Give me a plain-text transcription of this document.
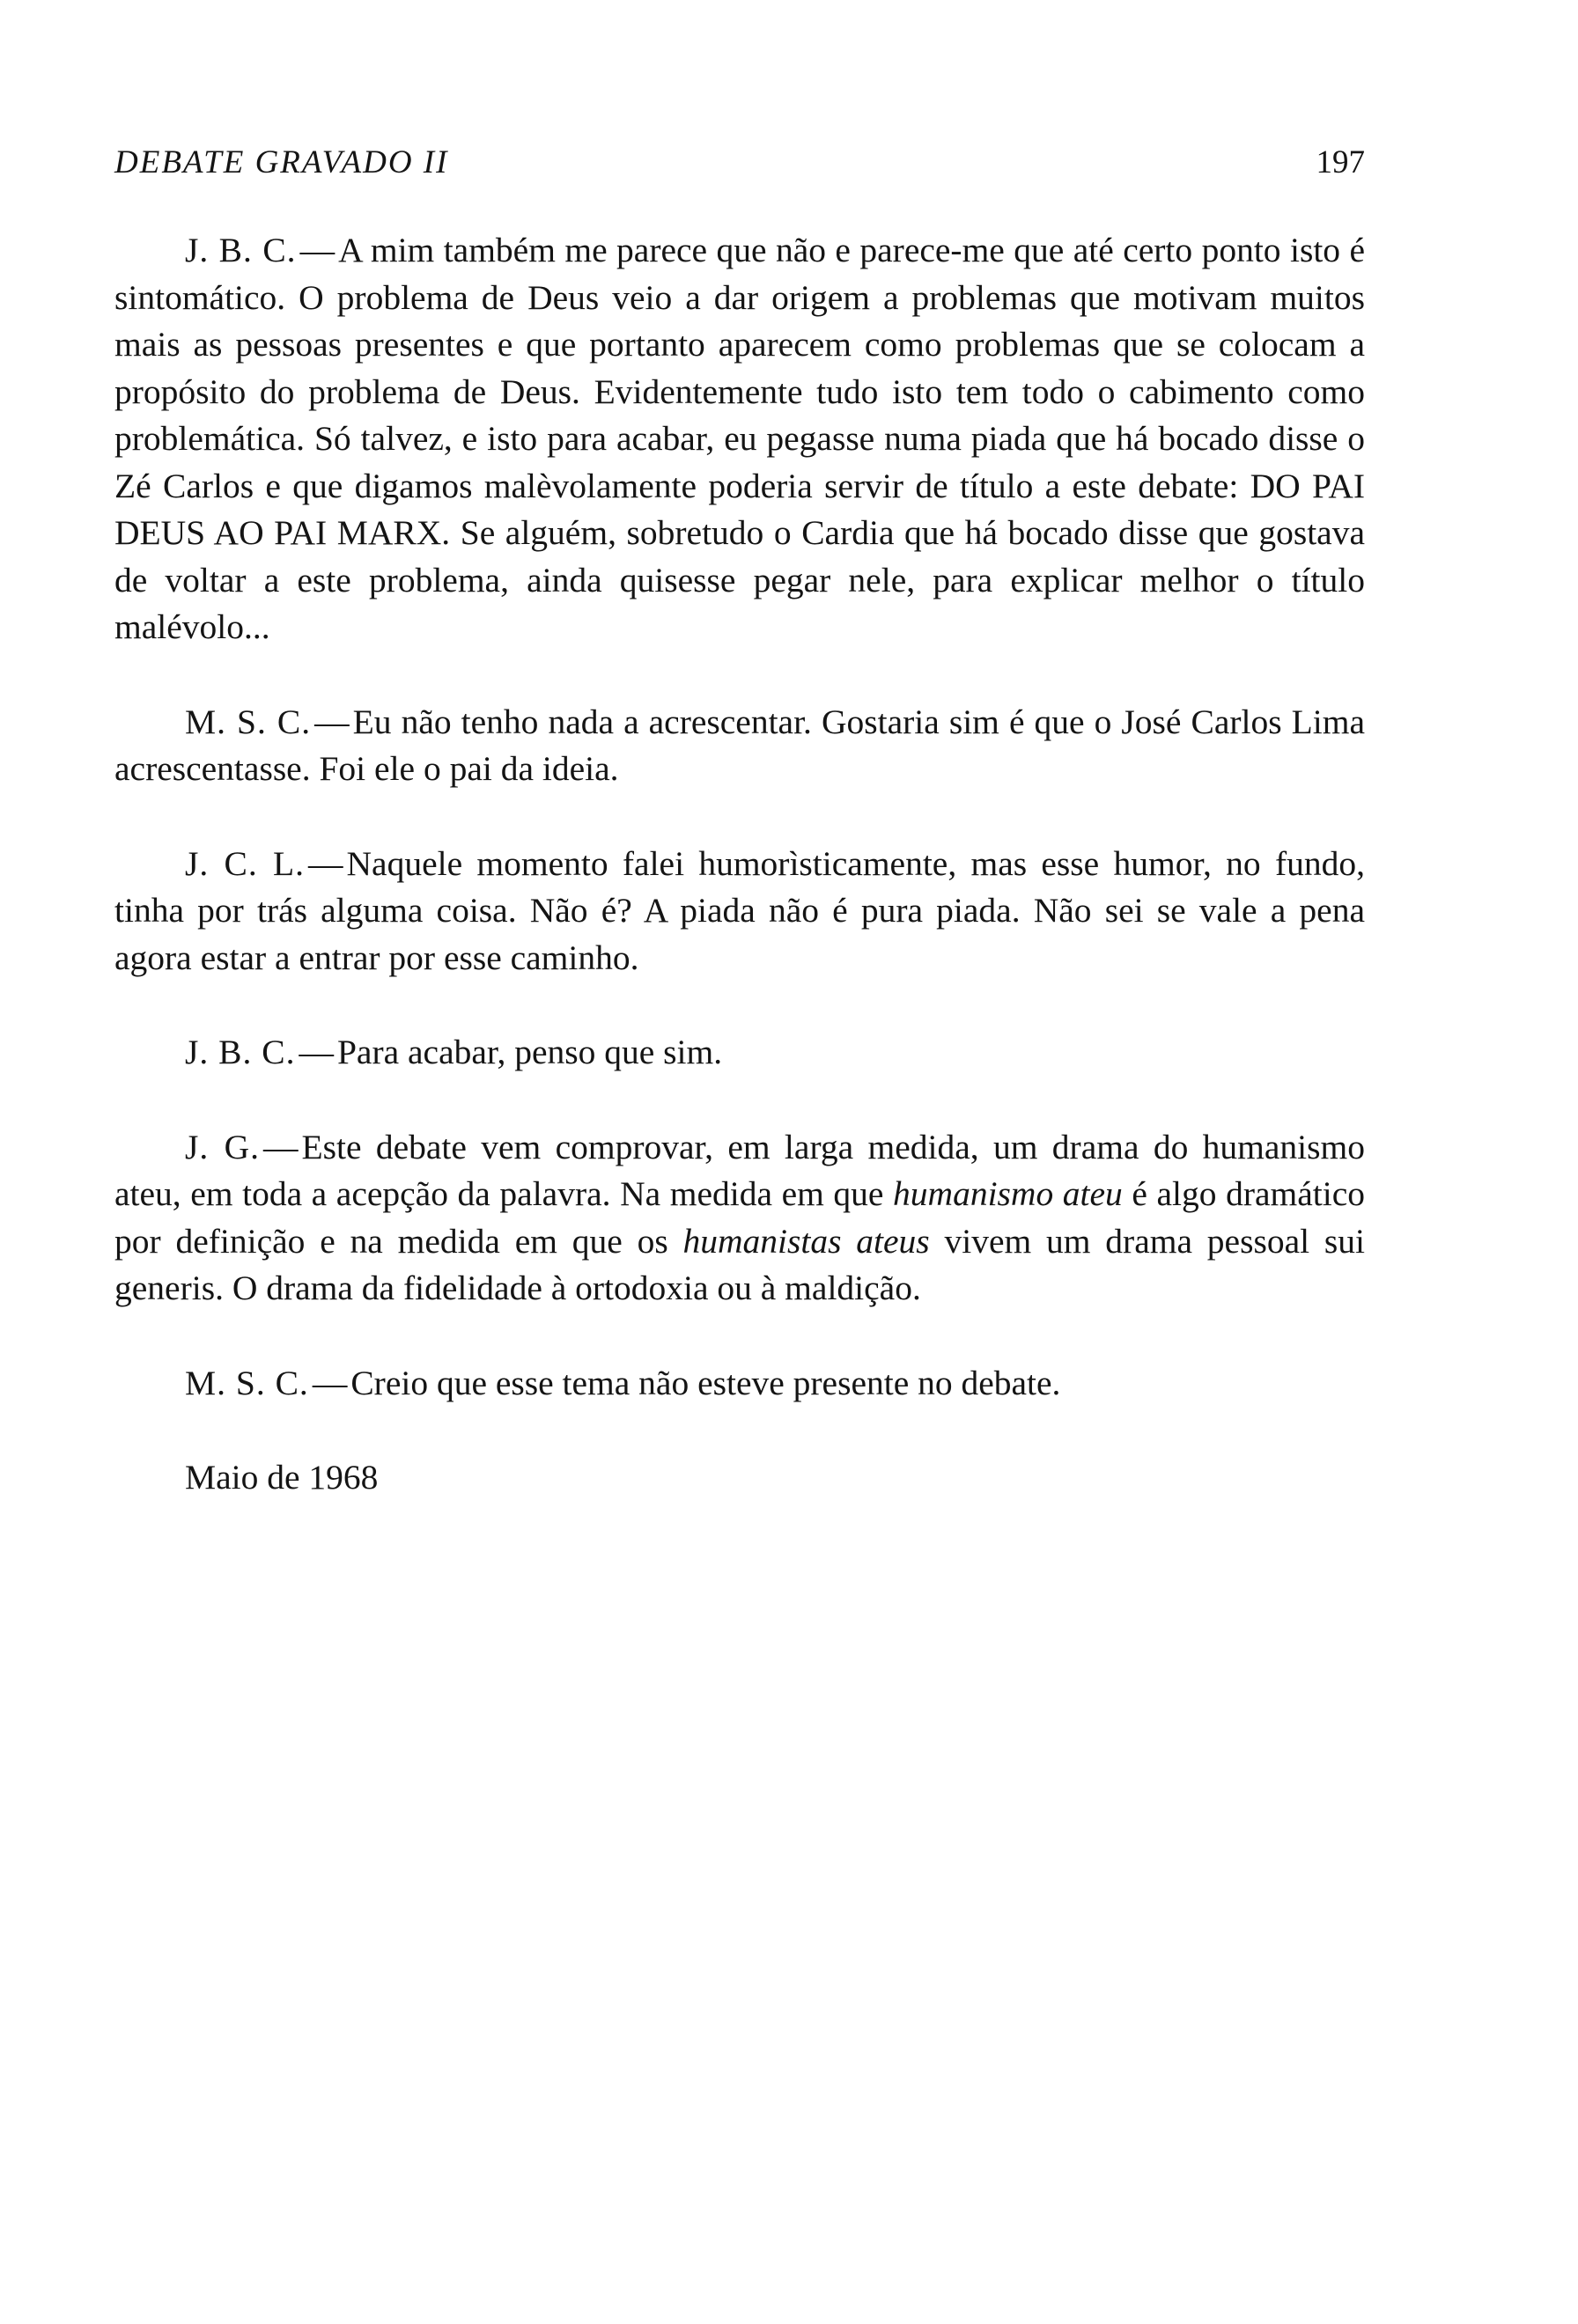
DEBATE GRAVADO II	197

J. B. C. — A mim também me parece que não e parece-me que até certo ponto isto é sintomático. O problema de Deus veio a dar origem a problemas que motivam muitos mais as pessoas presentes e que portanto aparecem como problemas que se colocam a propósito do problema de Deus. Evidentemente tudo isto tem todo o cabimento como problemática. Só talvez, e isto para acabar, eu pegasse numa piada que há bocado disse o Zé Carlos e que digamos malèvolamente poderia servir de título a este debate: DO PAI DEUS AO PAI MARX. Se alguém, sobretudo o Cardia que há bocado disse que gostava de voltar a este problema, ainda quisesse pegar nele, para explicar melhor o título malévolo...

M. S. C. — Eu não tenho nada a acrescentar. Gostaria sim é que o José Carlos Lima acrescentasse. Foi ele o pai da ideia.

J. C. L. — Naquele momento falei humorìsticamente, mas esse humor, no fundo, tinha por trás alguma coisa. Não é? A piada não é pura piada. Não sei se vale a pena agora estar a entrar por esse caminho.

J. B. C. — Para acabar, penso que sim.

J. G. — Este debate vem comprovar, em larga medida, um drama do humanismo ateu, em toda a acepção da palavra. Na medida em que humanismo ateu é algo dramático por definição e na medida em que os humanistas ateus vivem um drama pessoal sui generis. O drama da fidelidade à ortodoxia ou à maldição.

M. S. C. — Creio que esse tema não esteve presente no debate.

Maio de 1968
